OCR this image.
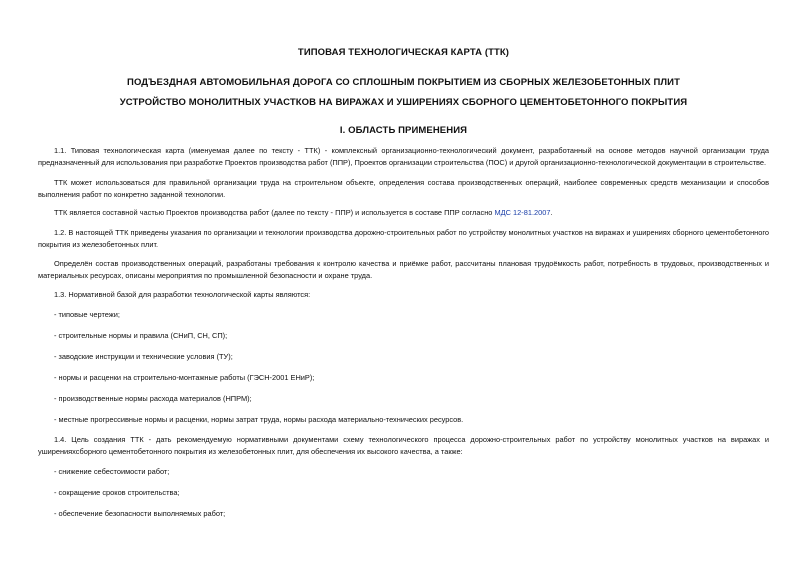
ТИПОВАЯ ТЕХНОЛОГИЧЕСКАЯ КАРТА (ТТК)
ПОДЪЕЗДНАЯ АВТОМОБИЛЬНАЯ ДОРОГА СО СПЛОШНЫМ ПОКРЫТИЕМ ИЗ СБОРНЫХ ЖЕЛЕЗОБЕТОННЫХ ПЛИТ
УСТРОЙСТВО МОНОЛИТНЫХ УЧАСТКОВ НА ВИРАЖАХ И УШИРЕНИЯХ СБОРНОГО ЦЕМЕНТОБЕТОННОГО ПОКРЫТИЯ
I. ОБЛАСТЬ ПРИМЕНЕНИЯ
1.1. Типовая технологическая карта (именуемая далее по тексту - ТТК) - комплексный организационно-технологический документ, разработанный на основе методов научной организации труда предназначенный для использования при разработке Проектов производства работ (ППР), Проектов организации строительства (ПОС) и другой организационно-технологической документации в строительстве.
ТТК может использоваться для правильной организации труда на строительном объекте, определения состава производственных операций, наиболее современных средств механизации и способов выполнения работ по конкретно заданной технологии.
ТТК является составной частью Проектов производства работ (далее по тексту - ППР) и используется в составе ППР согласно МДС 12-81.2007.
1.2. В настоящей ТТК приведены указания по организации и технологии производства дорожно-строительных работ по устройству монолитных участков на виражах и уширениях сборного цементобетонного покрытия из железобетонных плит.
Определён состав производственных операций, разработаны требования к контролю качества и приёмке работ, рассчитаны плановая трудоёмкость работ, потребность в трудовых, производственных и материальных ресурсах, описаны мероприятия по промышленной безопасности и охране труда.
1.3. Нормативной базой для разработки технологической карты являются:
- типовые чертежи;
- строительные нормы и правила (СНиП, СН, СП);
- заводские инструкции и технические условия (ТУ);
- нормы и расценки на строительно-монтажные работы (ГЭСН-2001 ЕНиР);
- производственные нормы расхода материалов (НПРМ);
- местные прогрессивные нормы и расценки, нормы затрат труда, нормы расхода материально-технических ресурсов.
1.4. Цель создания ТТК - дать рекомендуемую нормативными документами схему технологического процесса дорожно-строительных работ по устройству монолитных участков на виражах и уширенияхсборного цементобетонного покрытия из железобетонных плит, для обеспечения их высокого качества, а также:
- снижение себестоимости работ;
- сокращение сроков строительства;
- обеспечение безопасности выполняемых работ;
